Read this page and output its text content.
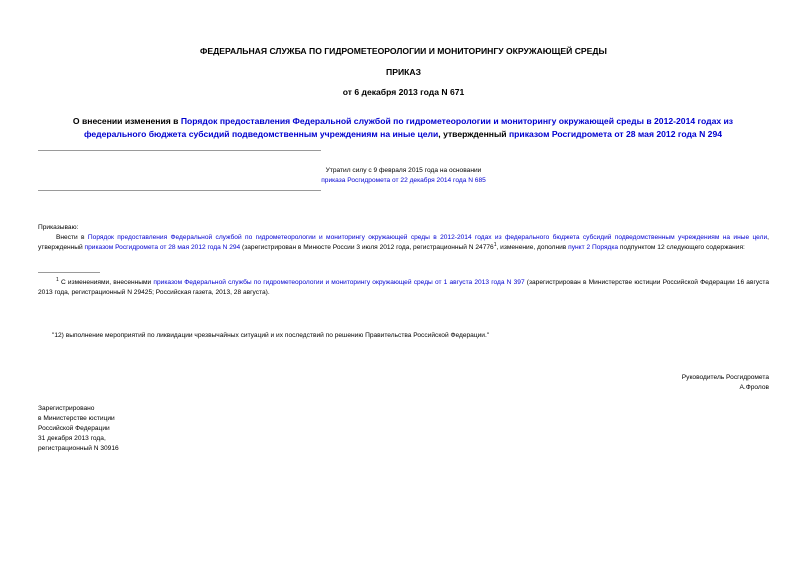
ФЕДЕРАЛЬНАЯ СЛУЖБА ПО ГИДРОМЕТЕОРОЛОГИИ И МОНИТОРИНГУ ОКРУЖАЮЩЕЙ СРЕДЫ
ПРИКАЗ
от 6 декабря 2013 года N 671
О внесении изменения в Порядок предоставления Федеральной службой по гидрометеорологии и мониторингу окружающей среды в 2012-2014 годах из федерального бюджета субсидий подведомственным учреждениям на иные цели, утвержденный приказом Росгидромета от 28 мая 2012 года N 294
Утратил силу с 9 февраля 2015 года на основании
приказа Росгидромета от 22 декабря 2014 года N 685
Приказываю:
Внести в Порядок предоставления Федеральной службой по гидрометеорологии и мониторингу окружающей среды в 2012-2014 годах из федерального бюджета субсидий подведомственным учреждениям на иные цели, утвержденный приказом Росгидромета от 28 мая 2012 года N 294 (зарегистрирован в Минюсте России 3 июля 2012 года, регистрационный N 24776$^1$, изменение, дополнив пункт 2 Порядка подпунктом 12 следующего содержания:
$^1$ С изменениями, внесенными приказом Федеральной службы по гидрометеорологии и мониторингу окружающей среды от 1 августа 2013 года N 397 (зарегистрирован в Министерстве юстиции Российской Федерации 16 августа 2013 года, регистрационный N 29425; Российская газета, 2013, 28 августа).
"12) выполнение мероприятий по ликвидации чрезвычайных ситуаций и их последствий по решению Правительства Российской Федерации."
Руководитель Росгидромета
А.Фролов
Зарегистрировано
в Министерстве юстиции
Российской Федерации
31 декабря 2013 года,
регистрационный N 30916
